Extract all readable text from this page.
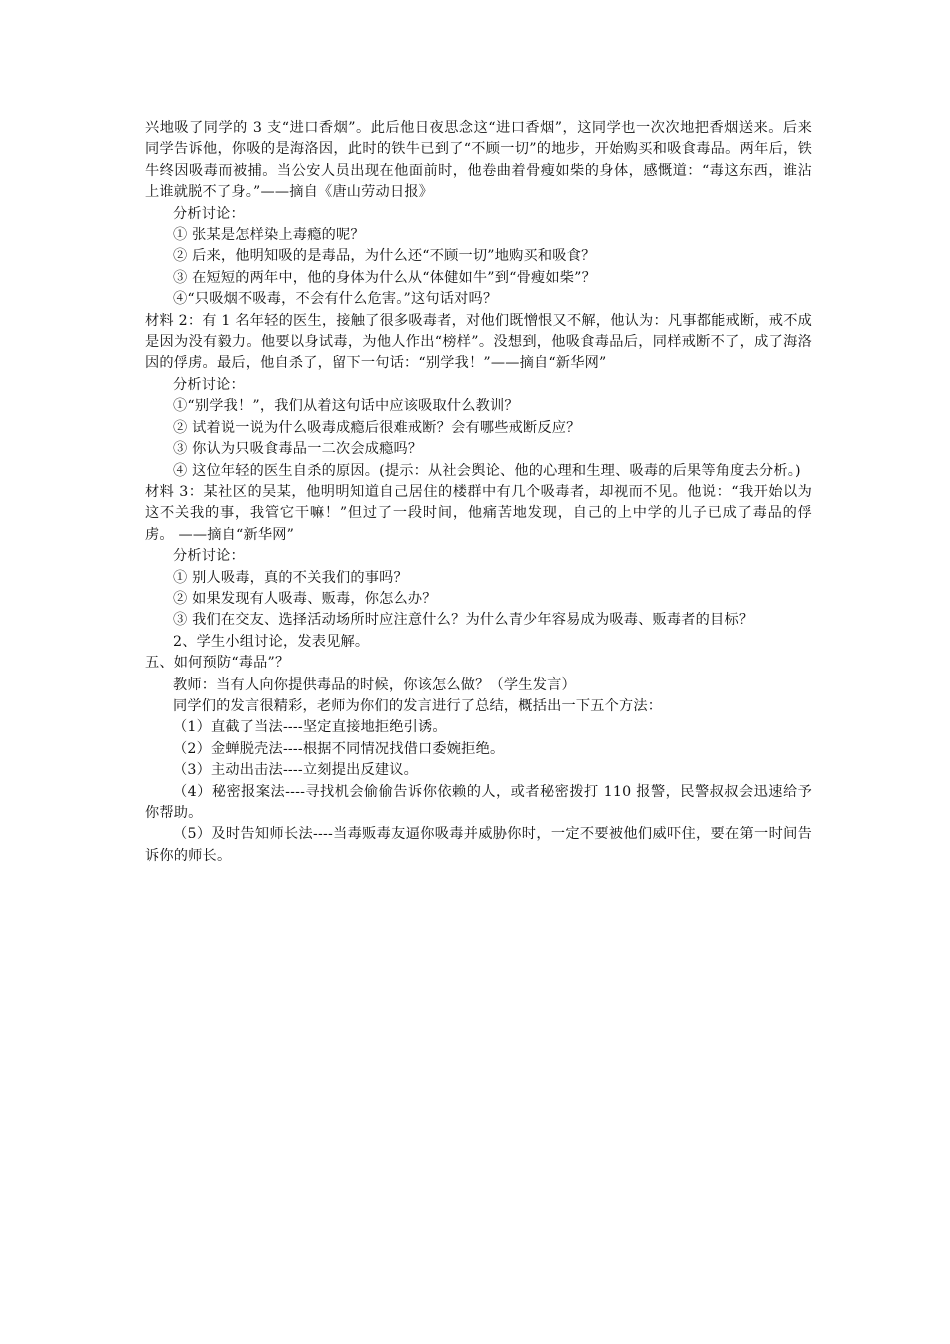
兴地吸了同学的 3 支“进口香烟”。此后他日夜思念这“进口香烟”，这同学也一次次地把香烟送来。后来同学告诉他，你吸的是海洛因，此时的铁牛已到了“不顾一切”的地步，开始购买和吸食毒品。两年后，铁牛终因吸毒而被捕。当公安人员出现在他面前时，他卷曲着骨瘦如柴的身体，感慨道：“毒这东西，谁沾上谁就脱不了身。”——摘自《唐山劳动日报》

分析讨论：

① 张某是怎样染上毒瘾的呢？

② 后来，他明知吸的是毒品，为什么还“不顾一切”地购买和吸食？

③ 在短短的两年中，他的身体为什么从“体健如牛”到“骨瘦如柴”？

④“只吸烟不吸毒，不会有什么危害。”这句话对吗？

材料 2：有 1 名年轻的医生，接触了很多吸毒者，对他们既憎恨又不解，他认为：凡事都能戒断，戒不成是因为没有毅力。他要以身试毒，为他人作出“榜样”。没想到，他吸食毒品后，同样戒断不了，成了海洛因的俘虏。最后，他自杀了，留下一句话：“别学我！”——摘自“新华网”

分析讨论：

①“别学我！”，我们从着这句话中应该吸取什么教训？

② 试着说一说为什么吸毒成瘾后很难戒断？会有哪些戒断反应？

③ 你认为只吸食毒品一二次会成瘾吗？

④ 这位年轻的医生自杀的原因。(提示：从社会舆论、他的心理和生理、吸毒的后果等角度去分析。)

材料 3：某社区的吴某，他明明知道自己居住的楼群中有几个吸毒者，却视而不见。他说：“我开始以为这不关我的事，我管它干嘛！”但过了一段时间，他痛苦地发现，自己的上中学的儿子已成了毒品的俘虏。 ——摘自“新华网”

分析讨论：

① 别人吸毒，真的不关我们的事吗？

② 如果发现有人吸毒、贩毒，你怎么办？

③ 我们在交友、选择活动场所时应注意什么？为什么青少年容易成为吸毒、贩毒者的目标？

2、学生小组讨论，发表见解。

五、如何预防“毒品”？

教师：当有人向你提供毒品的时候，你该怎么做？（学生发言）

同学们的发言很精彩，老师为你们的发言进行了总结，概括出一下五个方法：

（1）直截了当法----坚定直接地拒绝引诱。

（2）金蝉脱壳法----根据不同情况找借口委婉拒绝。

（3）主动出击法----立刻提出反建议。

（4）秘密报案法----寻找机会偷偷告诉你依赖的人，或者秘密拨打 110 报警，民警叔叔会迅速给予你帮助。

（5）及时告知师长法----当毒贩毒友逼你吸毒并威胁你时，一定不要被他们威吓住，要在第一时间告诉你的师长。
